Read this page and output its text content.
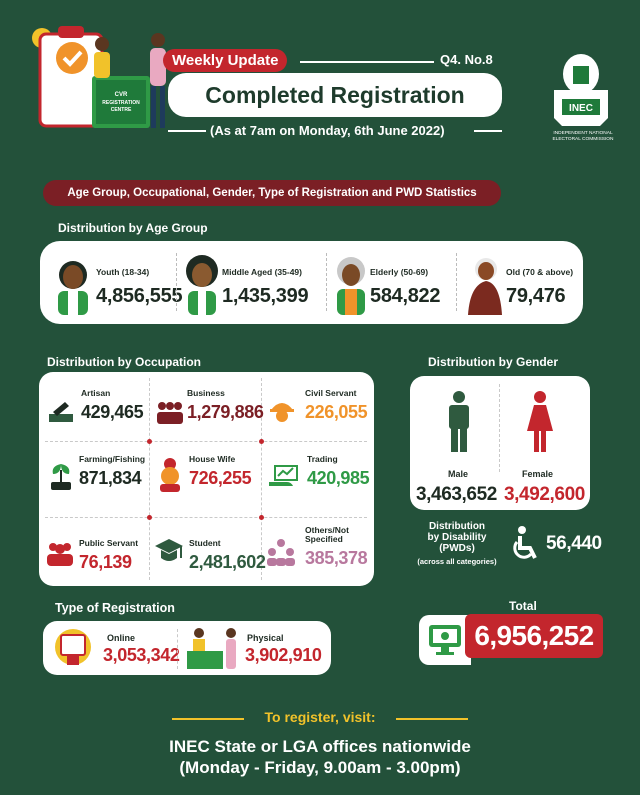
CVR
REGISTRATION
CENTRE
Weekly Update	Q4. No.8
Completed Registration
(As at 7am on Monday, 6th June 2022)
INEC
INDEPENDENT NATIONAL ELECTORAL COMMISSION
Age Group, Occupational, Gender, Type of Registration and PWD Statistics
Distribution by Age Group
Youth (18-34)
4,856,555
Middle Aged (35-49)
1,435,399
Elderly (50-69)
584,822
Old (70 & above)
79,476
Distribution by Occupation
Artisan
429,465
Business
1,279,886
Civil Servant
226,055
Farming/Fishing
871,834
House Wife
726,255
Trading
420,985
Public Servant
76,139
Student
2,481,602
Others/Not
Specified
385,378
Distribution by Gender
Male
3,463,652
Female
3,492,600
Distribution
by Disability
(PWDs)
(across all categories)
56,440
Type of Registration
Online
3,053,342
Physical
3,902,910
Total
6,956,252
To register, visit:
INEC State or LGA offices nationwide
(Monday - Friday, 9.00am - 3.00pm)
